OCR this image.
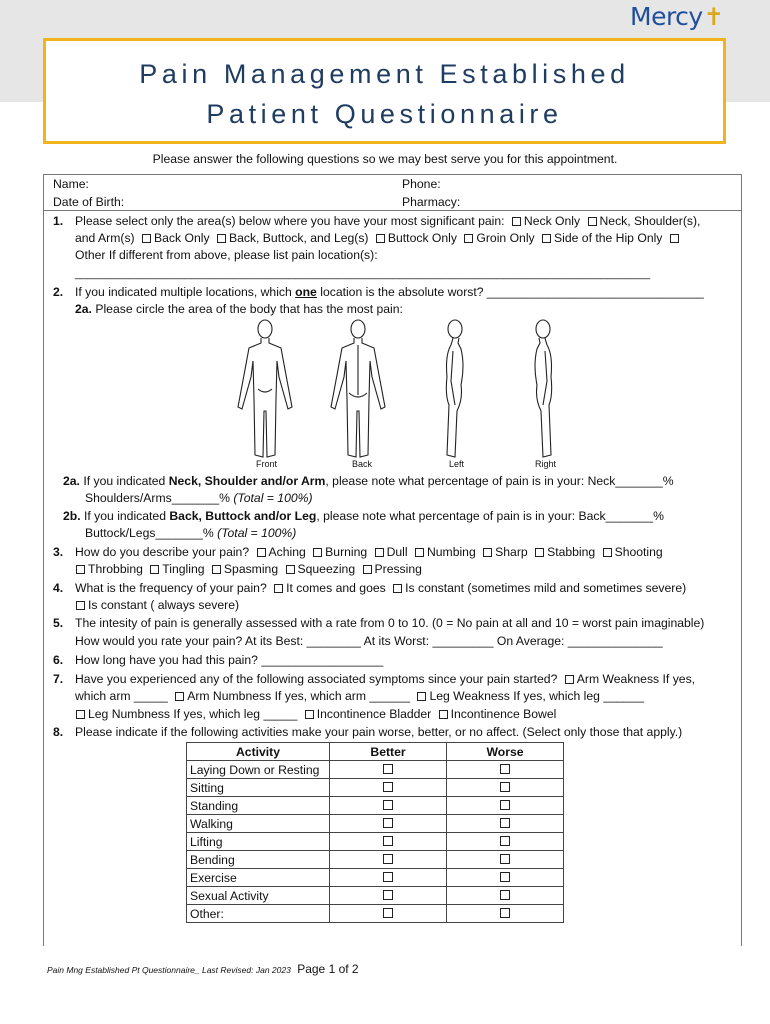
Mercy✝
Pain Management Established
Patient Questionnaire
Please answer the following questions so we may best serve you for this appointment.
Name:	Phone:
Date of Birth:	Pharmacy:
1. Please select only the area(s) below where you have your most significant pain: Neck Only Neck, Shoulder(s),
and Arm(s) Back Only Back, Buttock, and Leg(s) Buttock Only Groin Only Side of the Hip Only
Other If different from above, please list pain location(s):
______________________________________________________________________________________________
2. If you indicated multiple locations, which one location is the absolute worst? ________________________________
2a. Please circle the area of the body that has the most pain:
Front	Back	Left	Right
2a. If you indicated Neck, Shoulder and/or Arm, please note what percentage of pain is in your: Neck_______%
Shoulders/Arms_______% (Total = 100%)
2b. If you indicated Back, Buttock and/or Leg, please note what percentage of pain is in your: Back_______%
Buttock/Legs_______% (Total = 100%)
3. How do you describe your pain? Aching Burning Dull Numbing Sharp Stabbing Shooting
Throbbing Tingling Spasming Squeezing Pressing
4. What is the frequency of your pain? It comes and goes Is constant (sometimes mild and sometimes severe)
Is constant ( always severe)
5. The intesity of pain is generally assessed with a rate from 0 to 10. (0 = No pain at all and 10 = worst pain imaginable)
How would you rate your pain? At its Best: ________ At its Worst: _________ On Average: ______________
6. How long have you had this pain? __________________
7. Have you experienced any of the following associated symptoms since your pain started? Arm Weakness If yes,
which arm _____ Arm Numbness If yes, which arm ______ Leg Weakness If yes, which leg ______
Leg Numbness If yes, which leg _____ Incontinence Bladder Incontinence Bowel
8. Please indicate if the following activities make your pain worse, better, or no affect. (Select only those that apply.)
Activity	Better	Worse
Laying Down or Resting		
Sitting		
Standing		
Walking		
Lifting		
Bending		
Exercise		
Sexual Activity		
Other:		
Pain Mng Established Pt Questionnaire_ Last Revised: Jan 2023 Page 1 of 2
